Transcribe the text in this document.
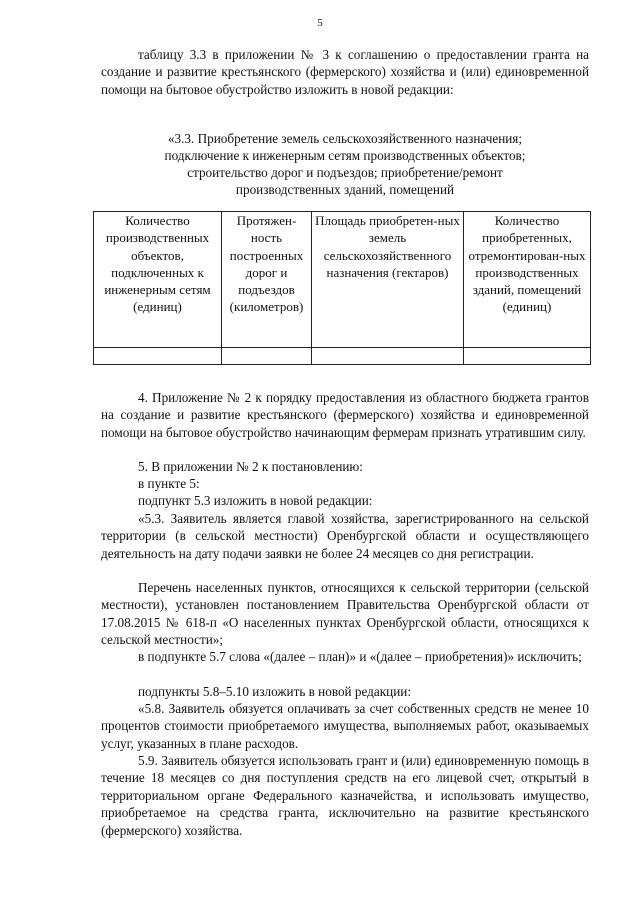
5

таблицу 3.3 в приложении № 3 к соглашению о предоставлении гранта на создание и развитие крестьянского (фермерского) хозяйства и (или) единовременной помощи на бытовое обустройство изложить в новой редакции:

«3.3. Приобретение земель сельскохозяйственного назначения;

подключение к инженерным сетям производственных объектов;

строительство дорог и подъездов; приобретение/ремонт

производственных зданий, помещений

Количество производственных объектов, подключенных к инженерным сетям (единиц)	Протяжен-ность построенных дорог и подъездов (километров)	Площадь приобретен-ных земель сельскохозяйственного назначения (гектаров)	Количество приобретенных, отремонтирован-ных производственных зданий, помещений (единиц)

4. Приложение № 2 к порядку предоставления из областного бюджета грантов на создание и развитие крестьянского (фермерского) хозяйства и единовременной помощи на бытовое обустройство начинающим фермерам признать утратившим силу.

5. В приложении № 2 к постановлению:

в пункте 5:

подпункт 5.3 изложить в новой редакции:

«5.3. Заявитель является главой хозяйства, зарегистрированного на сельской территории (в сельской местности) Оренбургской области и осуществляющего деятельность на дату подачи заявки не более 24 месяцев со дня регистрации.

Перечень населенных пунктов, относящихся к сельской территории (сельской местности), установлен постановлением Правительства Оренбургской области от 17.08.2015 № 618-п «О населенных пунктах Оренбургской области, относящихся к сельской местности»;

в подпункте 5.7 слова «(далее – план)» и «(далее – приобретения)» исключить;

подпункты 5.8–5.10 изложить в новой редакции:

«5.8. Заявитель обязуется оплачивать за счет собственных средств не менее 10 процентов стоимости приобретаемого имущества, выполняемых работ, оказываемых услуг, указанных в плане расходов.

5.9. Заявитель обязуется использовать грант и (или) единовременную помощь в течение 18 месяцев со дня поступления средств на его лицевой счет, открытый в территориальном органе Федерального казначейства, и использовать имущество, приобретаемое на средства гранта, исключительно на развитие крестьянского (фермерского) хозяйства.
